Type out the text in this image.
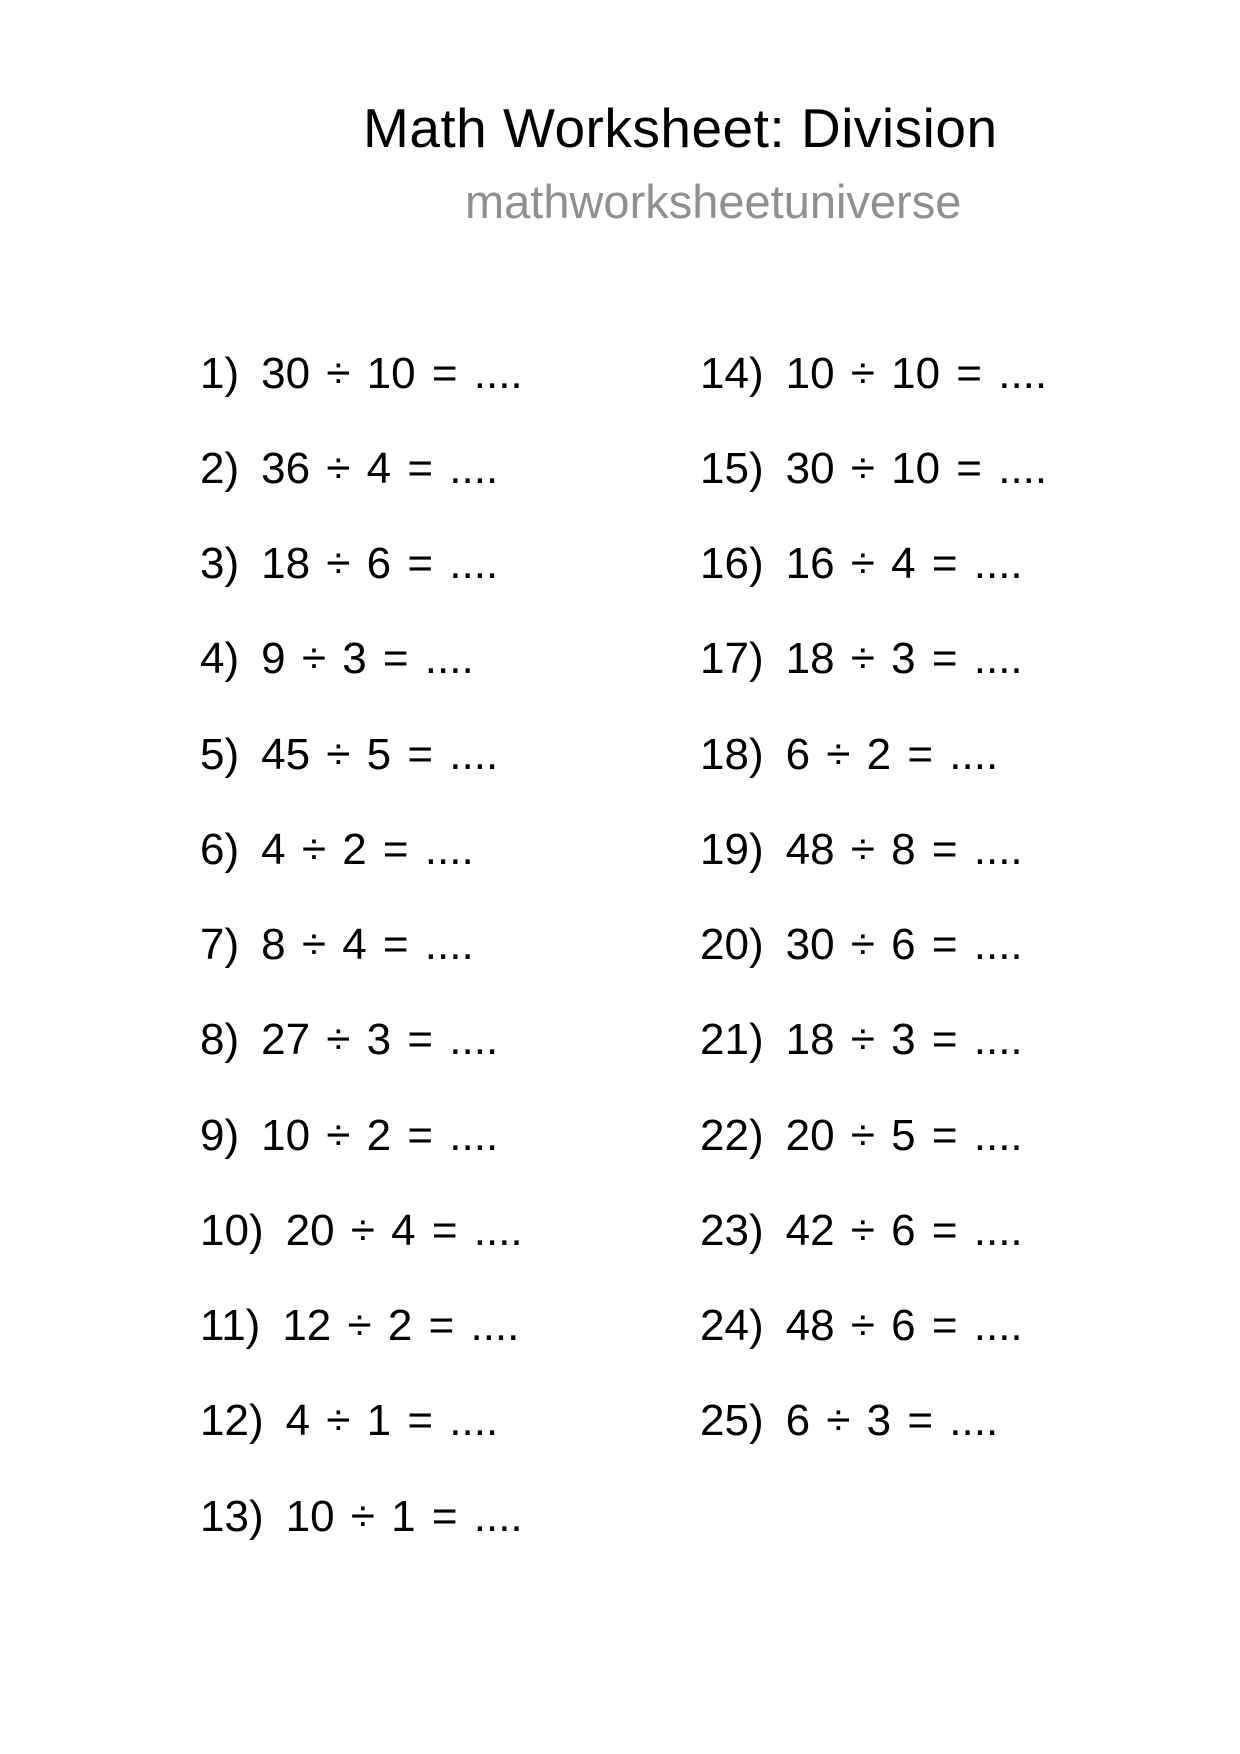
Math Worksheet: Division
mathworksheetuniverse
1) 30 ÷ 10 = ....
2) 36 ÷ 4 = ....
3) 18 ÷ 6 = ....
4) 9 ÷ 3 = ....
5) 45 ÷ 5 = ....
6) 4 ÷ 2 = ....
7) 8 ÷ 4 = ....
8) 27 ÷ 3 = ....
9) 10 ÷ 2 = ....
10) 20 ÷ 4 = ....
11) 12 ÷ 2 = ....
12) 4 ÷ 1 = ....
13) 10 ÷ 1 = ....
14) 10 ÷ 10 = ....
15) 30 ÷ 10 = ....
16) 16 ÷ 4 = ....
17) 18 ÷ 3 = ....
18) 6 ÷ 2 = ....
19) 48 ÷ 8 = ....
20) 30 ÷ 6 = ....
21) 18 ÷ 3 = ....
22) 20 ÷ 5 = ....
23) 42 ÷ 6 = ....
24) 48 ÷ 6 = ....
25) 6 ÷ 3 = ....
